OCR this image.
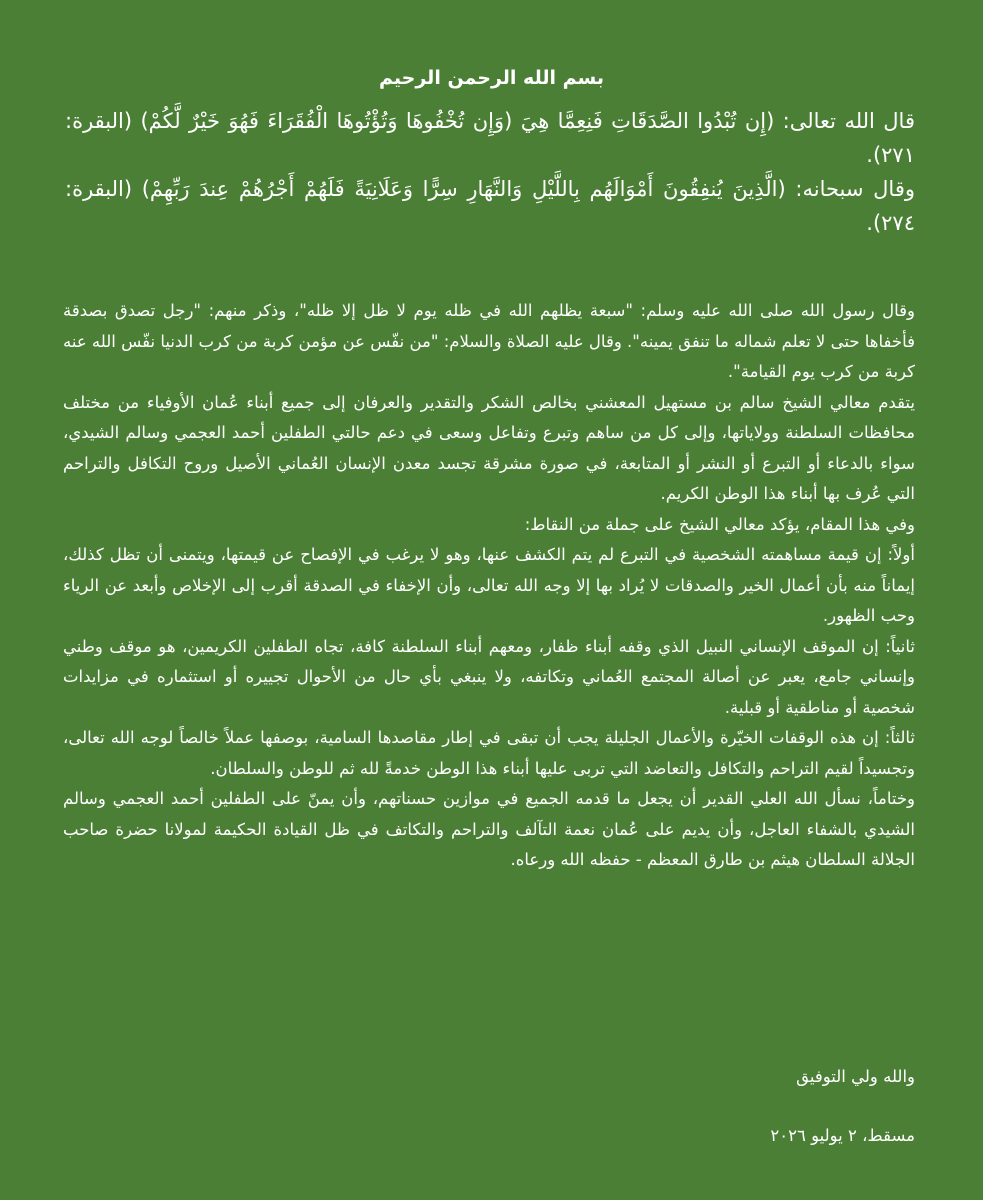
بسم الله الرحمن الرحيم

قال الله تعالى: (إِن تُبْدُوا الصَّدَقَاتِ فَنِعِمَّا هِيَ (وَإِن تُخْفُوهَا وَتُؤْتُوهَا الْفُقَرَاءَ فَهُوَ خَيْرٌ لَّكُمْ) (البقرة: ٢٧١).

وقال سبحانه: (الَّذِينَ يُنفِقُونَ أَمْوَالَهُم بِاللَّيْلِ وَالنَّهَارِ سِرًّا وَعَلَانِيَةً فَلَهُمْ أَجْرُهُمْ عِندَ رَبِّهِمْ) (البقرة: ٢٧٤).

وقال رسول الله صلى الله عليه وسلم: "سبعة يظلهم الله في ظله يوم لا ظل إلا ظله"، وذكر منهم: "رجل تصدق بصدقة فأخفاها حتى لا تعلم شماله ما تنفق يمينه". وقال عليه الصلاة والسلام: "من نفّس عن مؤمن كربة من كرب الدنيا نفّس الله عنه كربة من كرب يوم القيامة".

يتقدم معالي الشيخ سالم بن مستهيل المعشني بخالص الشكر والتقدير والعرفان إلى جميع أبناء عُمان الأوفياء من مختلف محافظات السلطنة وولاياتها، وإلى كل من ساهم وتبرع وتفاعل وسعى في دعم حالتي الطفلين أحمد العجمي وسالم الشيدي، سواء بالدعاء أو التبرع أو النشر أو المتابعة، في صورة مشرقة تجسد معدن الإنسان العُماني الأصيل وروح التكافل والتراحم التي عُرف بها أبناء هذا الوطن الكريم.

وفي هذا المقام، يؤكد معالي الشيخ على جملة من النقاط:

أولاً: إن قيمة مساهمته الشخصية في التبرع لم يتم الكشف عنها، وهو لا يرغب في الإفصاح عن قيمتها، ويتمنى أن تظل كذلك، إيماناً منه بأن أعمال الخير والصدقات لا يُراد بها إلا وجه الله تعالى، وأن الإخفاء في الصدقة أقرب إلى الإخلاص وأبعد عن الرياء وحب الظهور.

ثانياً: إن الموقف الإنساني النبيل الذي وقفه أبناء ظفار، ومعهم أبناء السلطنة كافة، تجاه الطفلين الكريمين، هو موقف وطني وإنساني جامع، يعبر عن أصالة المجتمع العُماني وتكاتفه، ولا ينبغي بأي حال من الأحوال تجييره أو استثماره في مزايدات شخصية أو مناطقية أو قبلية.

ثالثاً: إن هذه الوقفات الخيّرة والأعمال الجليلة يجب أن تبقى في إطار مقاصدها السامية، بوصفها عملاً خالصاً لوجه الله تعالى، وتجسيداً لقيم التراحم والتكافل والتعاضد التي تربى عليها أبناء هذا الوطن خدمةً لله ثم للوطن والسلطان.

وختاماً، نسأل الله العلي القدير أن يجعل ما قدمه الجميع في موازين حسناتهم، وأن يمنّ على الطفلين أحمد العجمي وسالم الشيدي بالشفاء العاجل، وأن يديم على عُمان نعمة التآلف والتراحم والتكاتف في ظل القيادة الحكيمة لمولانا حضرة صاحب الجلالة السلطان هيثم بن طارق المعظم - حفظه الله ورعاه.

والله ولي التوفيق
مسقط، ٢ يوليو ٢٠٢٦
